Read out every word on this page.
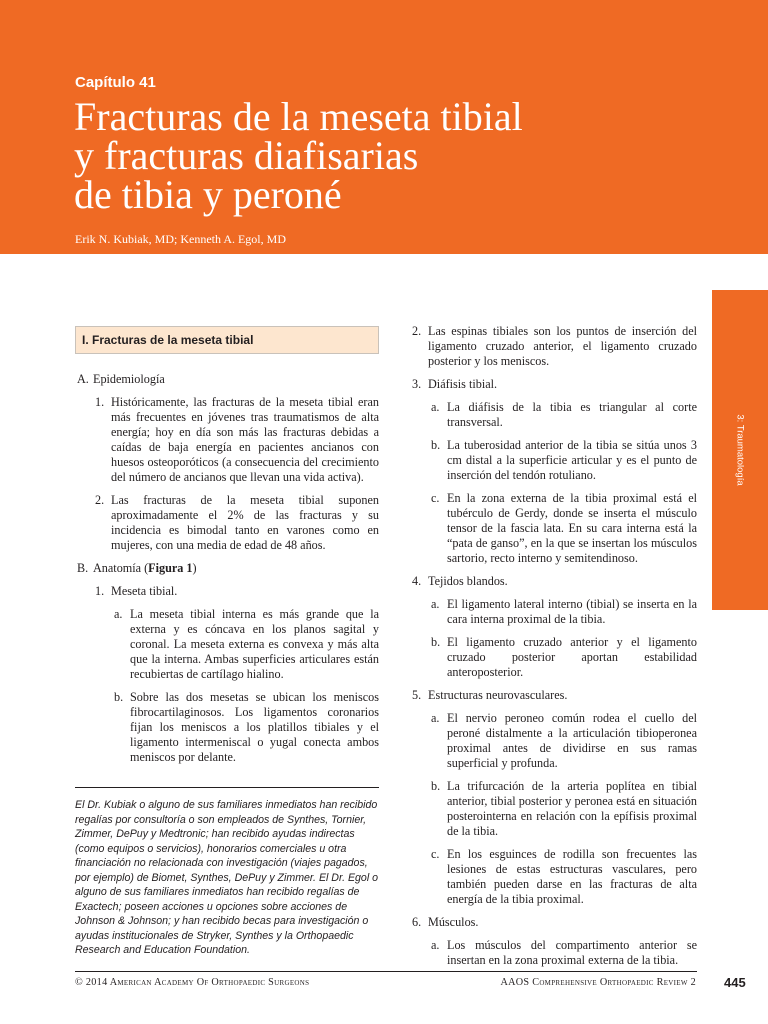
Capítulo 41
Fracturas de la meseta tibial
y fracturas diafisarias
de tibia y peroné
Erik N. Kubiak, MD; Kenneth A. Egol, MD
3: Traumatología
I. Fracturas de la meseta tibial
A. Epidemiología
1. Históricamente, las fracturas de la meseta tibial eran más frecuentes en jóvenes tras traumatismos de alta energía; hoy en día son más las fracturas debidas a caídas de baja energía en pacientes ancianos con huesos osteoporóticos (a consecuencia del crecimiento del número de ancianos que llevan una vida activa).
2. Las fracturas de la meseta tibial suponen aproximadamente el 2% de las fracturas y su incidencia es bimodal tanto en varones como en mujeres, con una media de edad de 48 años.
B. Anatomía (Figura 1)
1. Meseta tibial.
a. La meseta tibial interna es más grande que la externa y es cóncava en los planos sagital y coronal. La meseta externa es convexa y más alta que la interna. Ambas superficies articulares están recubiertas de cartílago hialino.
b. Sobre las dos mesetas se ubican los meniscos fibrocartilaginosos. Los ligamentos coronarios fijan los meniscos a los platillos tibiales y el ligamento intermeniscal o yugal conecta ambos meniscos por delante.
2. Las espinas tibiales son los puntos de inserción del ligamento cruzado anterior, el ligamento cruzado posterior y los meniscos.
3. Diáfisis tibial.
a. La diáfisis de la tibia es triangular al corte transversal.
b. La tuberosidad anterior de la tibia se sitúa unos 3 cm distal a la superficie articular y es el punto de inserción del tendón rotuliano.
c. En la zona externa de la tibia proximal está el tubérculo de Gerdy, donde se inserta el músculo tensor de la fascia lata. En su cara interna está la “pata de ganso”, en la que se insertan los músculos sartorio, recto interno y semitendinoso.
4. Tejidos blandos.
a. El ligamento lateral interno (tibial) se inserta en la cara interna proximal de la tibia.
b. El ligamento cruzado anterior y el ligamento cruzado posterior aportan estabilidad anteroposterior.
5. Estructuras neurovasculares.
a. El nervio peroneo común rodea el cuello del peroné distalmente a la articulación tibioperonea proximal antes de dividirse en sus ramas superficial y profunda.
b. La trifurcación de la arteria poplítea en tibial anterior, tibial posterior y peronea está en situación posterointerna en relación con la epífisis proximal de la tibia.
c. En los esguinces de rodilla son frecuentes las lesiones de estas estructuras vasculares, pero también pueden darse en las fracturas de alta energía de la tibia proximal.
6. Músculos.
a. Los músculos del compartimento anterior se insertan en la zona proximal externa de la tibia.
El Dr. Kubiak o alguno de sus familiares inmediatos han recibido regalías por consultoría o son empleados de Synthes, Tornier, Zimmer, DePuy y Medtronic; han recibido ayudas indirectas (como equipos o servicios), honorarios comerciales u otra financiación no relacionada con investigación (viajes pagados, por ejemplo) de Biomet, Synthes, DePuy y Zimmer. El Dr. Egol o alguno de sus familiares inmediatos han recibido regalías de Exactech; poseen acciones u opciones sobre acciones de Johnson & Johnson; y han recibido becas para investigación o ayudas institucionales de Stryker, Synthes y la Orthopaedic Research and Education Foundation.
© 2014 American Academy Of Orthopaedic Surgeons	AAOS Comprehensive Orthopaedic Review 2 445
